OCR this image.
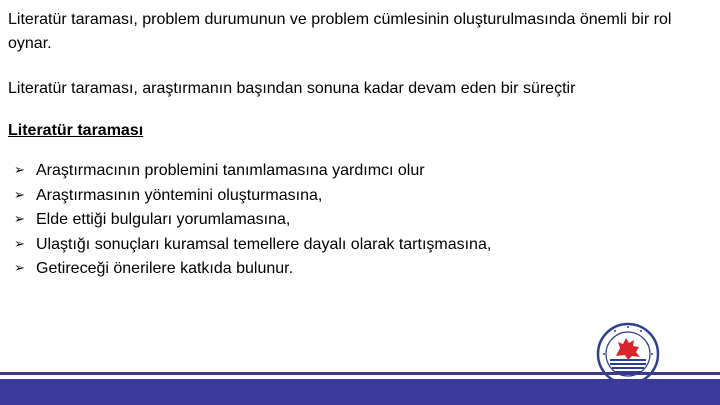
Literatür taraması, problem durumunun ve problem cümlesinin oluşturulmasında önemli bir rol oynar.

Literatür taraması, araştırmanın başından sonuna kadar devam eden bir süreçtir

Literatür taraması

➢ Araştırmacının problemini tanımlamasına yardımcı olur
➢ Araştırmasının yöntemini oluşturmasına,
➢ Elde ettiği bulguları yorumlamasına,
➢ Ulaştığı sonuçları kuramsal temellere dayalı olarak tartışmasına,
➢ Getireceği önerilere katkıda bulunur.
